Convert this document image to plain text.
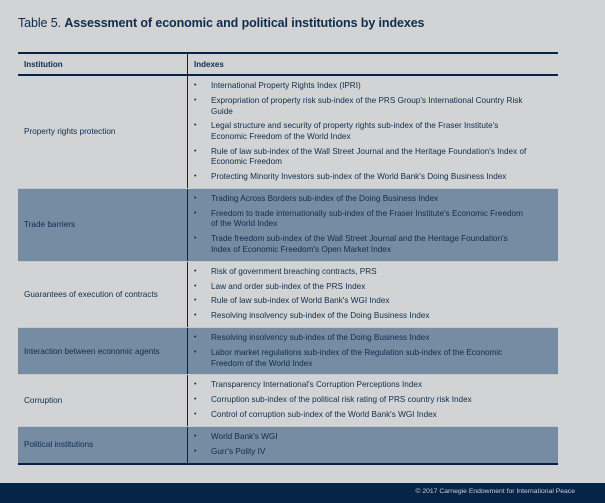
Table 5. Assessment of economic and political institutions by indexes
Institution	Indexes
Property rights protection
•	International Property Rights Index (IPRI)
•	Expropriation of property risk sub-index of the PRS Group's International Country Risk Guide
•	Legal structure and security of property rights sub-index of the Fraser Institute's Economic Freedom of the World Index
•	Rule of law sub-index of the Wall Street Journal and the Heritage Foundation's Index of Economic Freedom
•	Protecting Minority Investors sub-index of the World Bank's Doing Business Index
Trade barriers
•	Trading Across Borders sub-index of the Doing Business Index
•	Freedom to trade internationally sub-index of the Fraser Institute's Economic Freedom of the World Index
•	Trade freedom sub-index of the Wall Street Journal and the Heritage Foundation's Index of Economic Freedom's Open Market Index
Guarantees of execution of contracts
•	Risk of government breaching contracts, PRS
•	Law and order sub-index of the PRS Index
•	Rule of law sub-index of World Bank's WGI Index
•	Resolving insolvency sub-index of the Doing Business Index
Interaction between economic agents
•	Resolving insolvency sub-index of the Doing Business Index
•	Labor market regulations sub-index of the Regulation sub-index of the Economic Freedom of the World Index
Corruption
•	Transparency International's Corruption Perceptions Index
•	Corruption sub-index of the political risk rating of PRS country risk Index
•	Control of corruption sub-index of the World Bank's WGI Index
Political institutions
•	World Bank's WGI
•	Gurr's Polity IV
© 2017 Carnegie Endowment for International Peace
